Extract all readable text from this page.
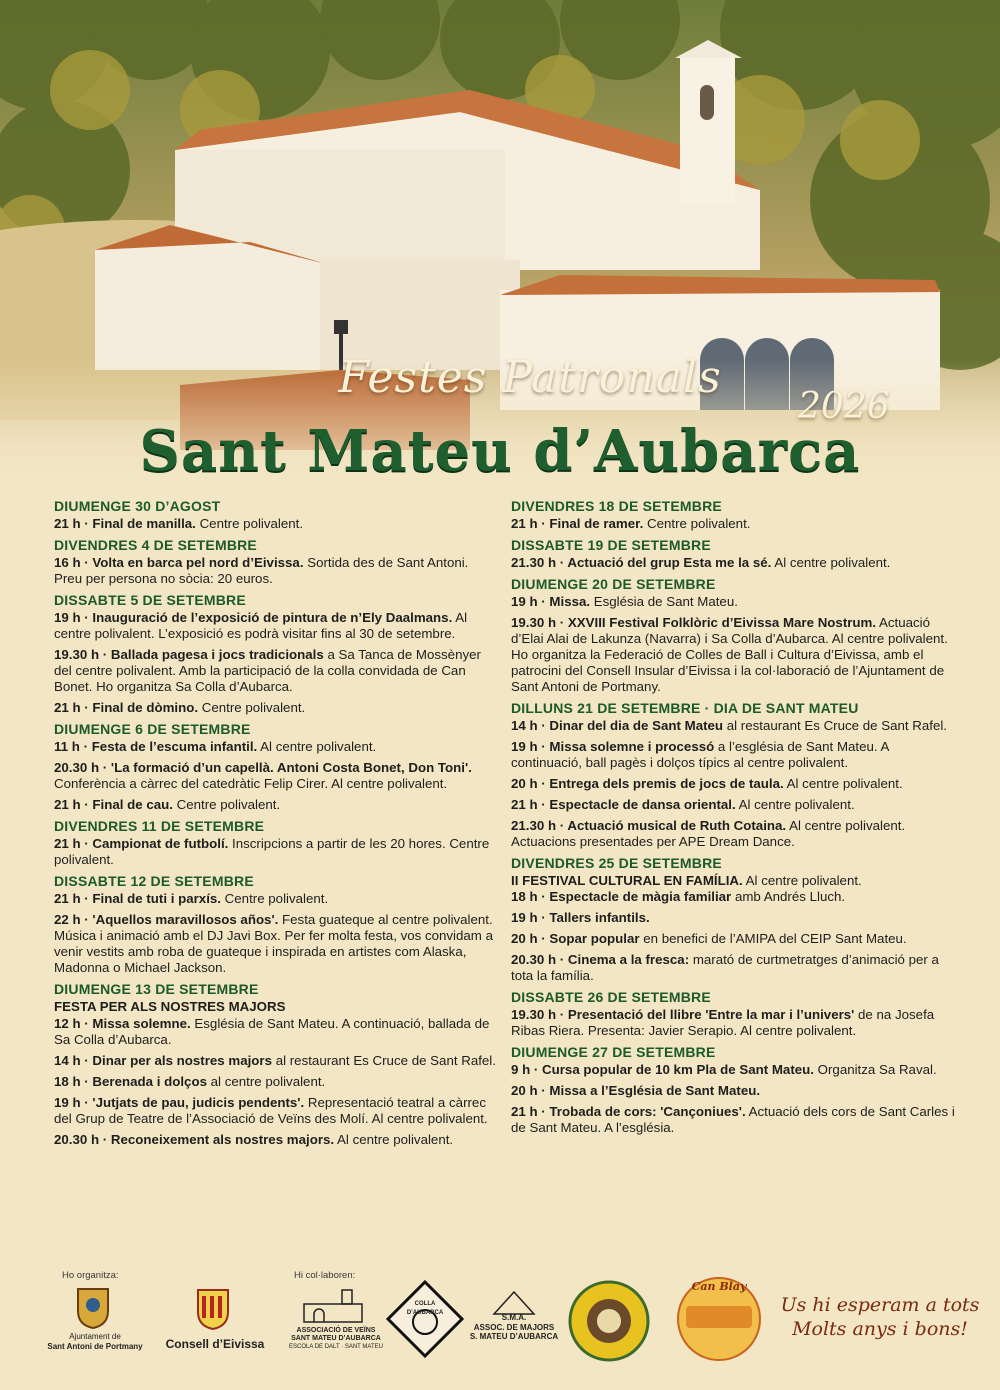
Festes Patronals
2026
Sant Mateu d’Aubarca
DIUMENGE 30 D’AGOST
21 h · Final de manilla. Centre polivalent.
DIVENDRES 4 DE SETEMBRE
16 h · Volta en barca pel nord d’Eivissa. Sortida des de Sant Antoni. Preu per persona no sòcia: 20 euros.
DISSABTE 5 DE SETEMBRE
19 h · Inauguració de l’exposició de pintura de n’Ely Daalmans. Al centre polivalent. L’exposició es podrà visitar fins al 30 de setembre.
19.30 h · Ballada pagesa i jocs tradicionals a Sa Tanca de Mossènyer del centre polivalent. Amb la participació de la colla convidada de Can Bonet. Ho organitza Sa Colla d’Aubarca.
21 h · Final de dòmino. Centre polivalent.
DIUMENGE 6 DE SETEMBRE
11 h · Festa de l’escuma infantil. Al centre polivalent.
20.30 h · 'La formació d’un capellà. Antoni Costa Bonet, Don Toni'. Conferència a càrrec del catedràtic Felip Cirer. Al centre polivalent.
21 h · Final de cau. Centre polivalent.
DIVENDRES 11 DE SETEMBRE
21 h · Campionat de futbolí. Inscripcions a partir de les 20 hores. Centre polivalent.
DISSABTE 12 DE SETEMBRE
21 h · Final de tuti i parxís. Centre polivalent.
22 h · 'Aquellos maravillosos años'. Festa guateque al centre polivalent. Música i animació amb el DJ Javi Box. Per fer molta festa, vos convidam a venir vestits amb roba de guateque i inspirada en artistes com Alaska, Madonna o Michael Jackson.
DIUMENGE 13 DE SETEMBRE
FESTA PER ALS NOSTRES MAJORS
12 h · Missa solemne. Església de Sant Mateu. A continuació, ballada de Sa Colla d’Aubarca.
14 h · Dinar per als nostres majors al restaurant Es Cruce de Sant Rafel.
18 h · Berenada i dolços al centre polivalent.
19 h · 'Jutjats de pau, judicis pendents'. Representació teatral a càrrec del Grup de Teatre de l’Associació de Veïns des Molí. Al centre polivalent.
20.30 h · Reconeixement als nostres majors. Al centre polivalent.
DIVENDRES 18 DE SETEMBRE
21 h · Final de ramer. Centre polivalent.
DISSABTE 19 DE SETEMBRE
21.30 h · Actuació del grup Esta me la sé. Al centre polivalent.
DIUMENGE 20 DE SETEMBRE
19 h · Missa. Església de Sant Mateu.
19.30 h · XXVIII Festival Folklòric d’Eivissa Mare Nostrum. Actuació d’Elai Alai de Lakunza (Navarra) i Sa Colla d’Aubarca. Al centre polivalent. Ho organitza la Federació de Colles de Ball i Cultura d’Eivissa, amb el patrocini del Consell Insular d’Eivissa i la col·laboració de l’Ajuntament de Sant Antoni de Portmany.
DILLUNS 21 DE SETEMBRE · DIA DE SANT MATEU
14 h · Dinar del dia de Sant Mateu al restaurant Es Cruce de Sant Rafel.
19 h · Missa solemne i processó a l’església de Sant Mateu. A continuació, ball pagès i dolços típics al centre polivalent.
20 h · Entrega dels premis de jocs de taula. Al centre polivalent.
21 h · Espectacle de dansa oriental. Al centre polivalent.
21.30 h · Actuació musical de Ruth Cotaina. Al centre polivalent. Actuacions presentades per APE Dream Dance.
DIVENDRES 25 DE SETEMBRE
II FESTIVAL CULTURAL EN FAMÍLIA. Al centre polivalent.
18 h · Espectacle de màgia familiar amb Andrés Lluch.
19 h · Tallers infantils.
20 h · Sopar popular en benefici de l’AMIPA del CEIP Sant Mateu.
20.30 h · Cinema a la fresca: marató de curtmetratges d’animació per a tota la família.
DISSABTE 26 DE SETEMBRE
19.30 h · Presentació del llibre 'Entre la mar i l’univers' de na Josefa Ribas Riera. Presenta: Javier Serapio. Al centre polivalent.
DIUMENGE 27 DE SETEMBRE
9 h · Cursa popular de 10 km Pla de Sant Mateu. Organitza Sa Raval.
20 h · Missa a l’Església de Sant Mateu.
21 h · Trobada de cors: 'Cançoniues'. Actuació dels cors de Sant Carles i de Sant Mateu. A l’església.
Ho organitza:	Hi col·laboren:
Ajuntament de
Sant Antoni de Portmany	Consell d’Eivissa
ASSOCIACIÓ DE VEÏNS
SANT MATEU D’AUBARCA
ESCOLA DE DALT · SANT MATEU
COLLA D’AUBARCA	S.M.A.
ASSOC. DE MAJORS
S. MATEU D’AUBARCA
Can Blay
Us hi esperam a tots
Molts anys i bons!
